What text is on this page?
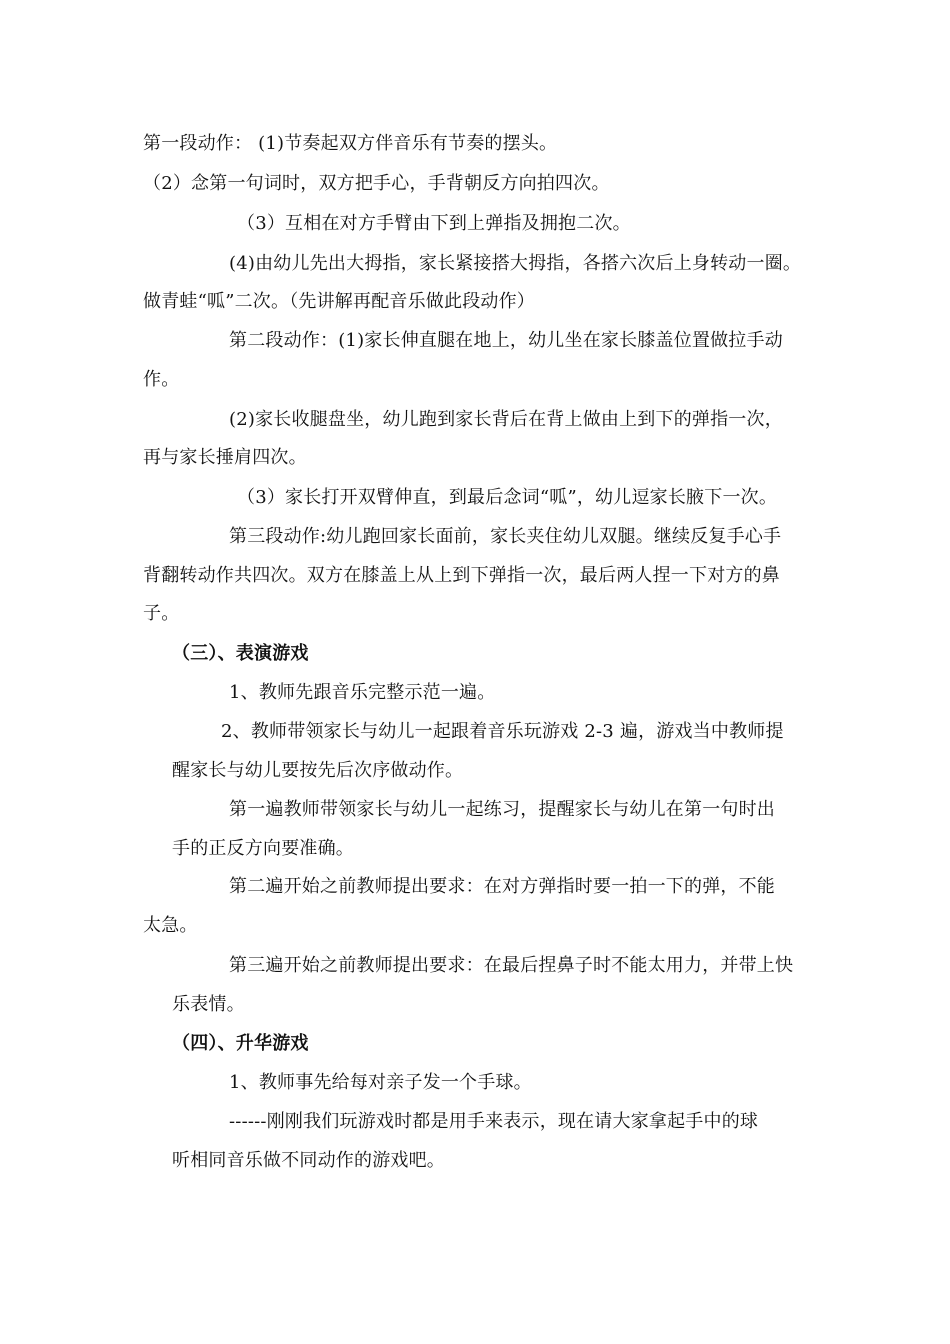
第一段动作： (1)节奏起双方伴音乐有节奏的摆头。
（2）念第一句词时，双方把手心，手背朝反方向拍四次。
（3）互相在对方手臂由下到上弹指及拥抱二次。
(4)由幼儿先出大拇指，家长紧接搭大拇指，各搭六次后上身转动一圈。
做青蛙“呱”二次。（先讲解再配音乐做此段动作）
第二段动作：(1)家长伸直腿在地上，幼儿坐在家长膝盖位置做拉手动
作。
(2)家长收腿盘坐，幼儿跑到家长背后在背上做由上到下的弹指一次，
再与家长捶肩四次。
（3）家长打开双臂伸直，到最后念词“呱”，幼儿逗家长腋下一次。
第三段动作:幼儿跑回家长面前，家长夹住幼儿双腿。继续反复手心手
背翻转动作共四次。双方在膝盖上从上到下弹指一次，最后两人捏一下对方的鼻
子。
（三）、表演游戏
1、教师先跟音乐完整示范一遍。
2、教师带领家长与幼儿一起跟着音乐玩游戏 2-3 遍，游戏当中教师提
醒家长与幼儿要按先后次序做动作。
第一遍教师带领家长与幼儿一起练习，提醒家长与幼儿在第一句时出
手的正反方向要准确。
第二遍开始之前教师提出要求：在对方弹指时要一拍一下的弹，不能
太急。
第三遍开始之前教师提出要求：在最后捏鼻子时不能太用力，并带上快
乐表情。
（四）、升华游戏
1、教师事先给每对亲子发一个手球。
------刚刚我们玩游戏时都是用手来表示，现在请大家拿起手中的球
听相同音乐做不同动作的游戏吧。
